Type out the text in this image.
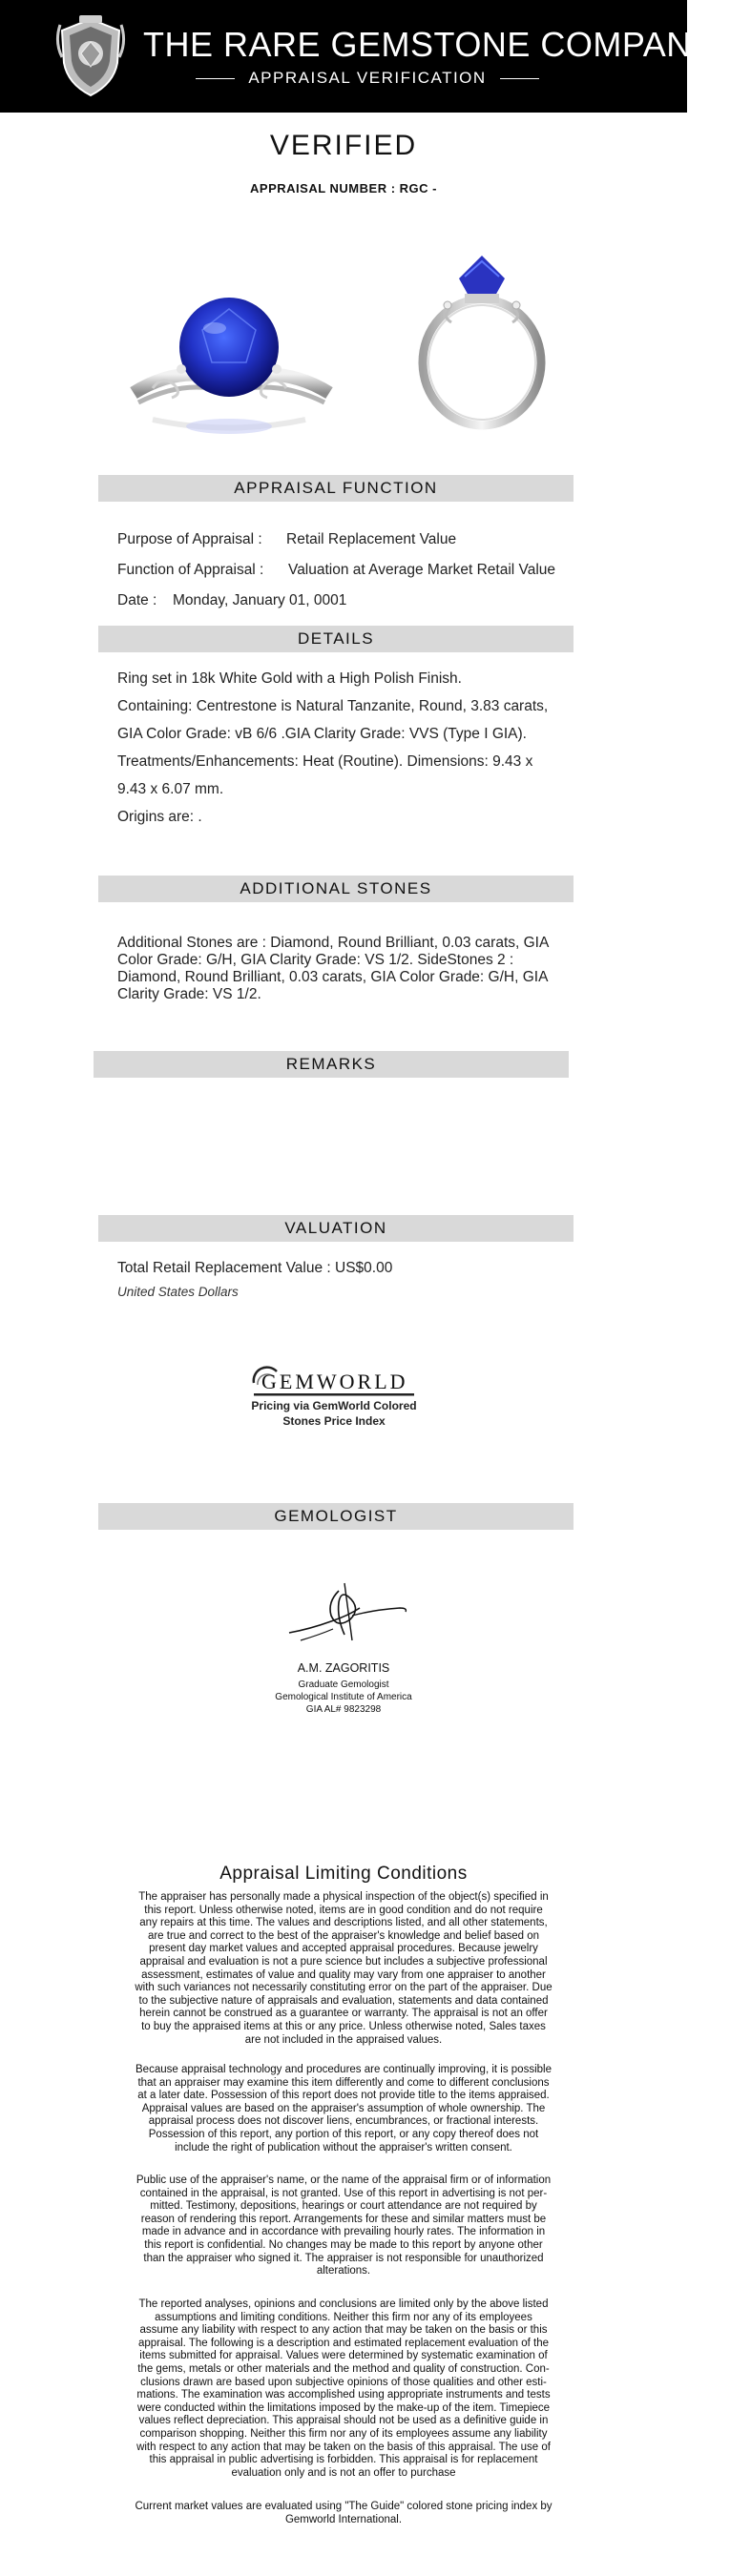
THE RARE GEMSTONE COMPANY ™
APPRAISAL VERIFICATION
VERIFIED
APPRAISAL NUMBER : RGC -
APPRAISAL FUNCTION
Purpose of Appraisal : Retail Replacement Value
Function of Appraisal : Valuation at Average Market Retail Value
Date : Monday, January 01, 0001
DETAILS
Ring set in 18k White Gold with a High Polish Finish.
Containing: Centrestone is Natural Tanzanite, Round, 3.83 carats,
GIA Color Grade: vB 6/6 .GIA Clarity Grade: VVS (Type I GIA).
Treatments/Enhancements: Heat (Routine). Dimensions: 9.43 x
9.43 x 6.07 mm.
Origins are: .
ADDITIONAL STONES
Additional Stones are : Diamond, Round Brilliant, 0.03 carats, GIA
Color Grade: G/H, GIA Clarity Grade: VS 1/2. SideStones 2 :
Diamond, Round Brilliant, 0.03 carats, GIA Color Grade: G/H, GIA
Clarity Grade: VS 1/2.
REMARKS
VALUATION
Total Retail Replacement Value : US$0.00
United States Dollars
GEMWORLD
Pricing via GemWorld Colored
Stones Price Index
GEMOLOGIST
A.M. ZAGORITIS
Graduate Gemologist
Gemological Institute of America
GIA AL# 9823298
Appraisal Limiting Conditions
The appraiser has personally made a physical inspection of the object(s) specified in
this report. Unless otherwise noted, items are in good condition and do not require
any repairs at this time. The values and descriptions listed, and all other statements,
are true and correct to the best of the appraiser's knowledge and belief based on
present day market values and accepted appraisal procedures. Because jewelry
appraisal and evaluation is not a pure science but includes a subjective professional
assessment, estimates of value and quality may vary from one appraiser to another
with such variances not necessarily constituting error on the part of the appraiser. Due
to the subjective nature of appraisals and evaluation, statements and data contained
herein cannot be construed as a guarantee or warranty. The appraisal is not an offer
to buy the appraised items at this or any price. Unless otherwise noted, Sales taxes
are not included in the appraised values.
Because appraisal technology and procedures are continually improving, it is possible
that an appraiser may examine this item differently and come to different conclusions
at a later date. Possession of this report does not provide title to the items appraised.
Appraisal values are based on the appraiser's assumption of whole ownership. The
appraisal process does not discover liens, encumbrances, or fractional interests.
Possession of this report, any portion of this report, or any copy thereof does not
include the right of publication without the appraiser's written consent.
Public use of the appraiser's name, or the name of the appraisal firm or of information
contained in the appraisal, is not granted. Use of this report in advertising is not per-
mitted. Testimony, depositions, hearings or court attendance are not required by
reason of rendering this report. Arrangements for these and similar matters must be
made in advance and in accordance with prevailing hourly rates. The information in
this report is confidential. No changes may be made to this report by anyone other
than the appraiser who signed it. The appraiser is not responsible for unauthorized
alterations.
The reported analyses, opinions and conclusions are limited only by the above listed
assumptions and limiting conditions. Neither this firm nor any of its employees
assume any liability with respect to any action that may be taken on the basis or this
appraisal. The following is a description and estimated replacement evaluation of the
items submitted for appraisal. Values were determined by systematic examination of
the gems, metals or other materials and the method and quality of construction. Con-
clusions drawn are based upon subjective opinions of those qualities and other esti-
mations. The examination was accomplished using appropriate instruments and tests
were conducted within the limitations imposed by the make-up of the item. Timepiece
values reflect depreciation. This appraisal should not be used as a definitive guide in
comparison shopping. Neither this firm nor any of its employees assume any liability
with respect to any action that may be taken on the basis of this appraisal. The use of
this appraisal in public advertising is forbidden. This appraisal is for replacement
evaluation only and is not an offer to purchase
Current market values are evaluated using "The Guide" colored stone pricing index by
Gemworld International.
